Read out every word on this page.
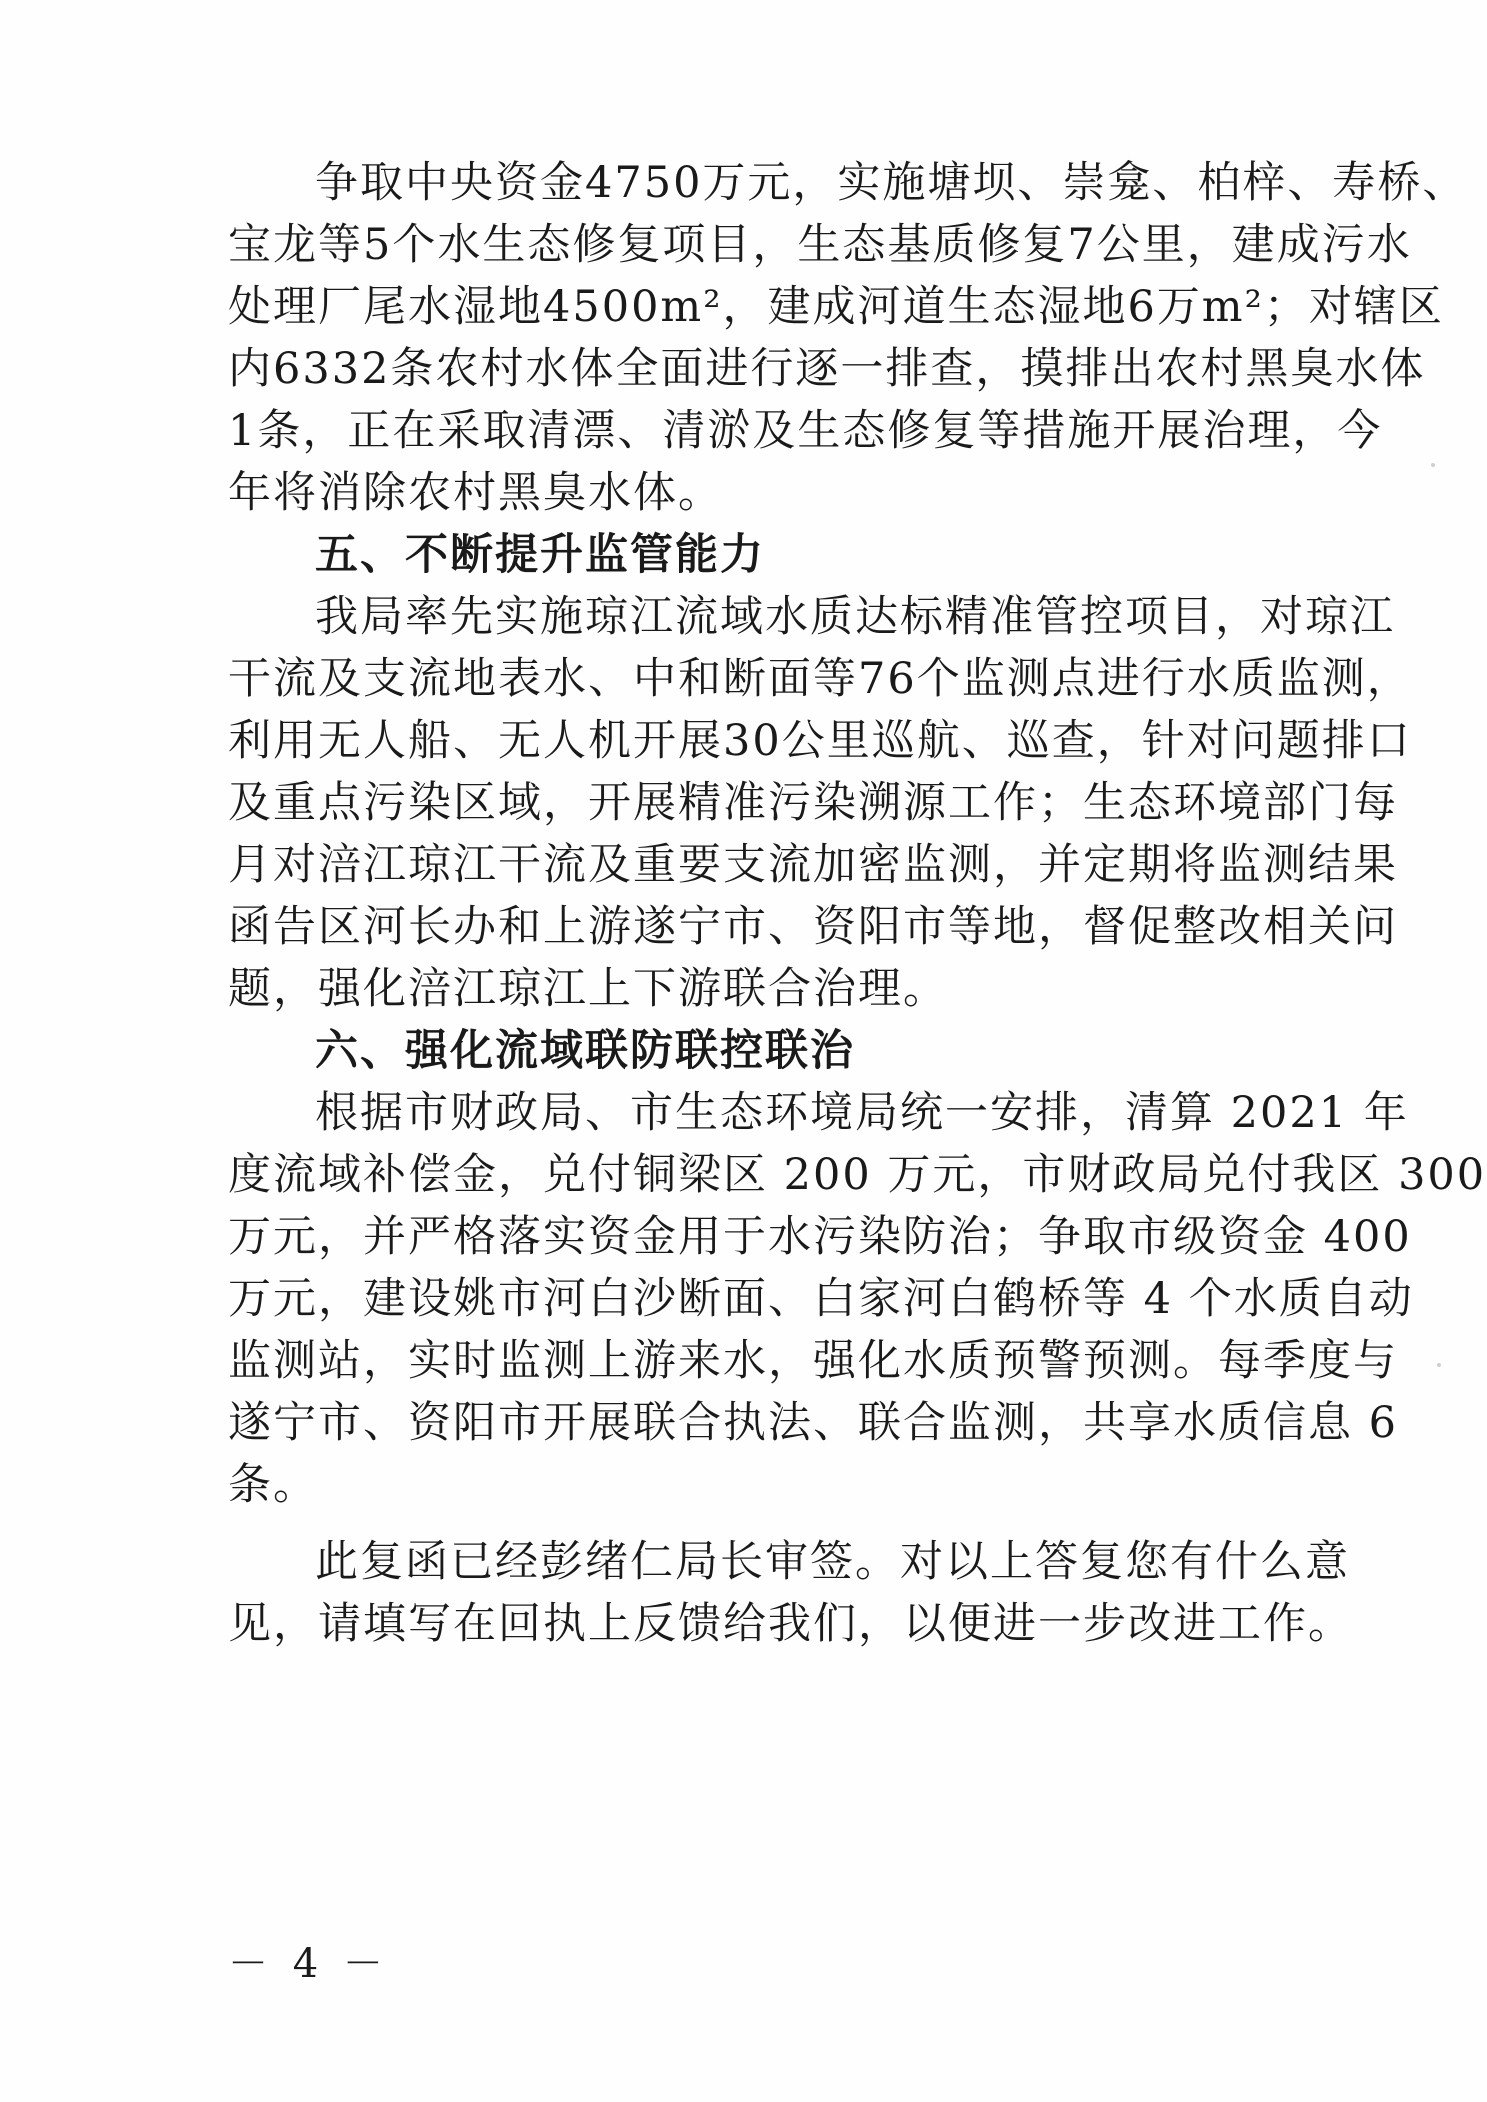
争取中央资金4750万元，实施塘坝、崇龛、柏梓、寿桥、
宝龙等5个水生态修复项目，生态基质修复7公里，建成污水
处理厂尾水湿地4500m²，建成河道生态湿地6万m²；对辖区
内6332条农村水体全面进行逐一排查，摸排出农村黑臭水体
1条，正在采取清漂、清淤及生态修复等措施开展治理，今
年将消除农村黑臭水体。
五、不断提升监管能力
我局率先实施琼江流域水质达标精准管控项目，对琼江
干流及支流地表水、中和断面等76个监测点进行水质监测，
利用无人船、无人机开展30公里巡航、巡查，针对问题排口
及重点污染区域，开展精准污染溯源工作；生态环境部门每
月对涪江琼江干流及重要支流加密监测，并定期将监测结果
函告区河长办和上游遂宁市、资阳市等地，督促整改相关问
题，强化涪江琼江上下游联合治理。
六、强化流域联防联控联治
根据市财政局、市生态环境局统一安排，清算 2021 年
度流域补偿金，兑付铜梁区 200 万元，市财政局兑付我区 300
万元，并严格落实资金用于水污染防治；争取市级资金 400
万元，建设姚市河白沙断面、白家河白鹤桥等 4 个水质自动
监测站，实时监测上游来水，强化水质预警预测。每季度与
遂宁市、资阳市开展联合执法、联合监测，共享水质信息 6
条。
此复函已经彭绪仁局长审签。对以上答复您有什么意
见，请填写在回执上反馈给我们，以便进一步改进工作。
－ 4 －
